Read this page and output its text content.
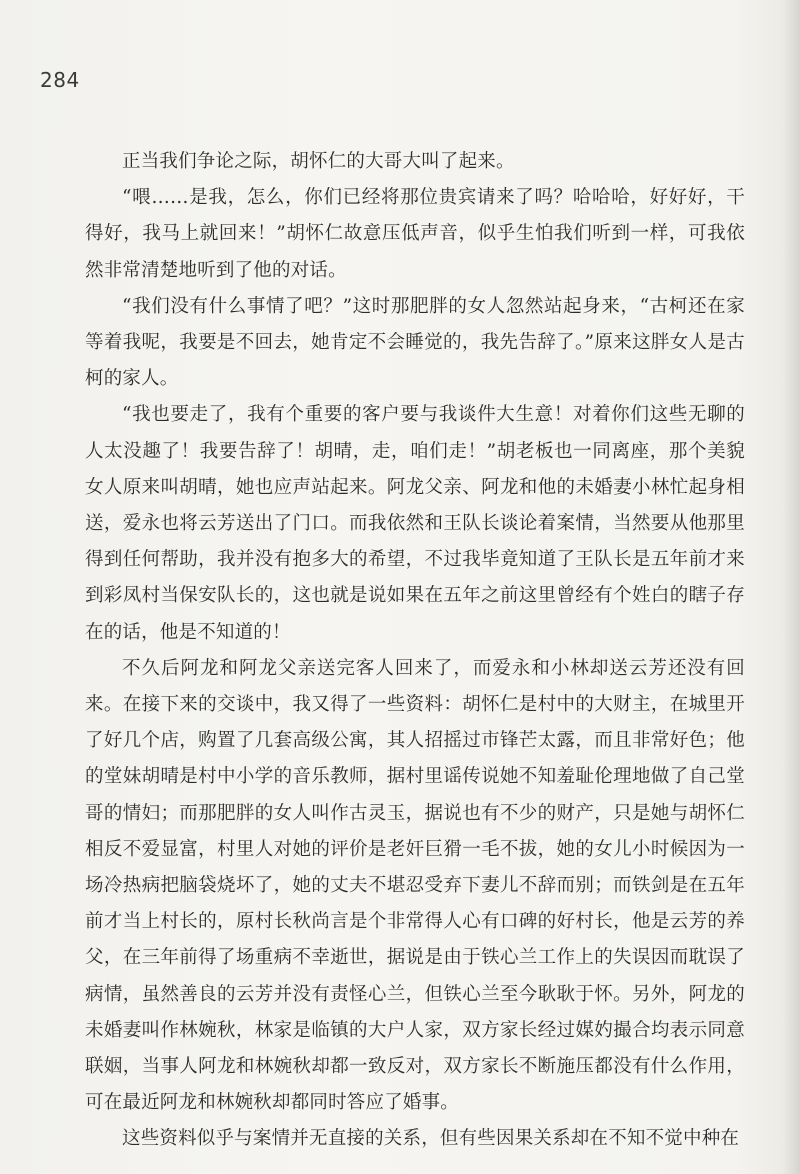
284

正当我们争论之际，胡怀仁的大哥大叫了起来。

“喂……是我，怎么，你们已经将那位贵宾请来了吗？哈哈哈，好好好，干得好，我马上就回来！”胡怀仁故意压低声音，似乎生怕我们听到一样，可我依然非常清楚地听到了他的对话。

“我们没有什么事情了吧？”这时那肥胖的女人忽然站起身来，“古柯还在家等着我呢，我要是不回去，她肯定不会睡觉的，我先告辞了。”原来这胖女人是古柯的家人。

“我也要走了，我有个重要的客户要与我谈件大生意！对着你们这些无聊的人太没趣了！我要告辞了！胡晴，走，咱们走！”胡老板也一同离座，那个美貌女人原来叫胡晴，她也应声站起来。阿龙父亲、阿龙和他的未婚妻小林忙起身相送，爱永也将云芳送出了门口。而我依然和王队长谈论着案情，当然要从他那里得到任何帮助，我并没有抱多大的希望，不过我毕竟知道了王队长是五年前才来到彩凤村当保安队长的，这也就是说如果在五年之前这里曾经有个姓白的瞎子存在的话，他是不知道的！

不久后阿龙和阿龙父亲送完客人回来了，而爱永和小林却送云芳还没有回来。在接下来的交谈中，我又得了一些资料：胡怀仁是村中的大财主，在城里开了好几个店，购置了几套高级公寓，其人招摇过市锋芒太露，而且非常好色；他的堂妹胡晴是村中小学的音乐教师，据村里谣传说她不知羞耻伦理地做了自己堂哥的情妇；而那肥胖的女人叫作古灵玉，据说也有不少的财产，只是她与胡怀仁相反不爱显富，村里人对她的评价是老奸巨猾一毛不拔，她的女儿小时候因为一场冷热病把脑袋烧坏了，她的丈夫不堪忍受弃下妻儿不辞而别；而铁剑是在五年前才当上村长的，原村长秋尚言是个非常得人心有口碑的好村长，他是云芳的养父，在三年前得了场重病不幸逝世，据说是由于铁心兰工作上的失误因而耽误了病情，虽然善良的云芳并没有责怪心兰，但铁心兰至今耿耿于怀。另外，阿龙的未婚妻叫作林婉秋，林家是临镇的大户人家，双方家长经过媒妁撮合均表示同意联姻，当事人阿龙和林婉秋却都一致反对，双方家长不断施压都没有什么作用，可在最近阿龙和林婉秋却都同时答应了婚事。

这些资料似乎与案情并无直接的关系，但有些因果关系却在不知不觉中种在
